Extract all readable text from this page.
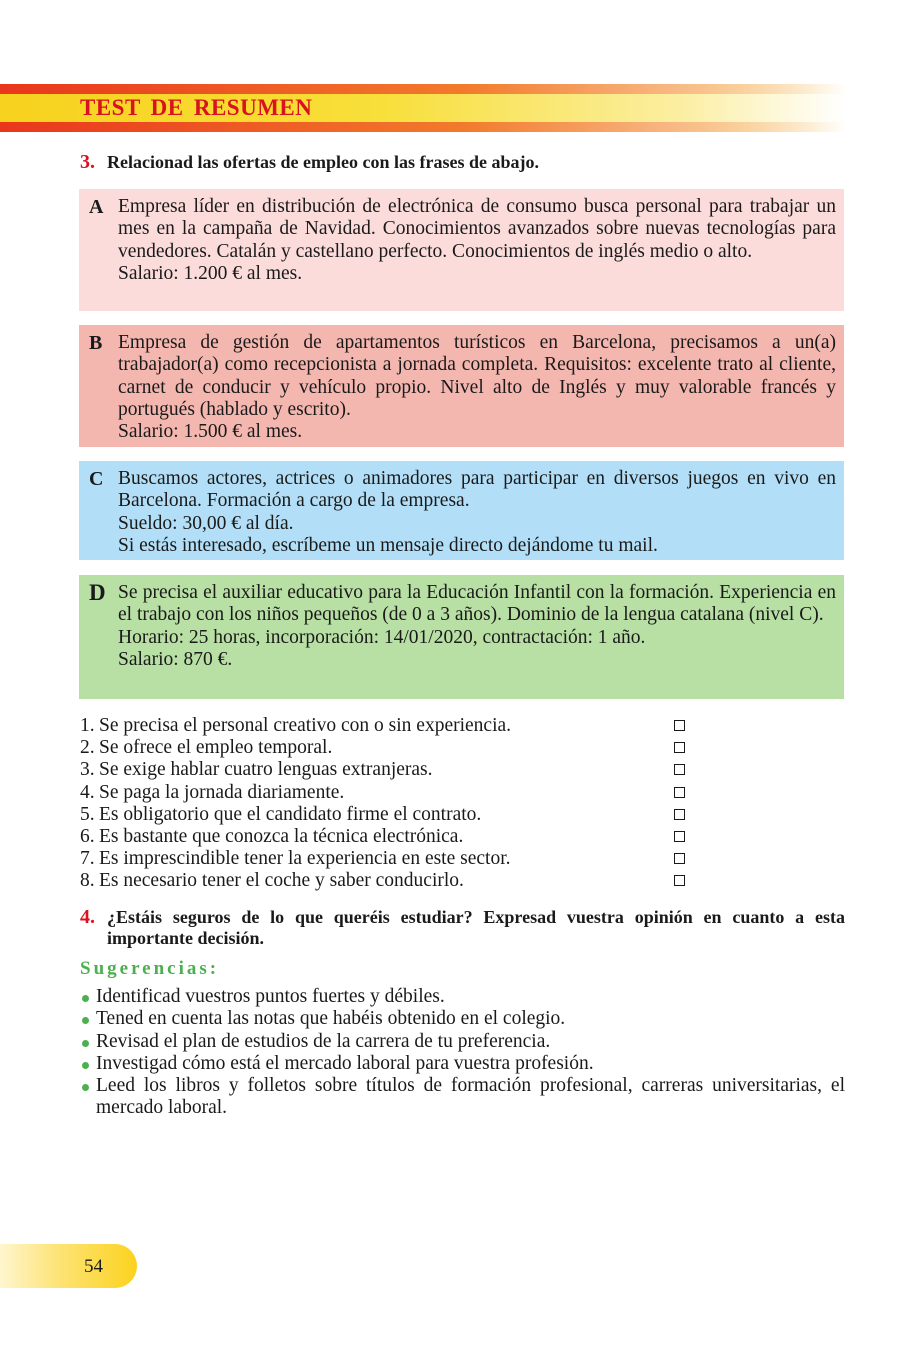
TEST DE RESUMEN
3. Relacionad las ofertas de empleo con las frases de abajo.
A Empresa líder en distribución de electrónica de consumo busca personal para trabajar un mes en la campaña de Navidad. Conocimientos avanzados sobre nuevas tecnologías para vendedores. Catalán y castellano perfecto. Conocimientos de inglés medio o alto.
Salario: 1.200 € al mes.
B Empresa de gestión de apartamentos turísticos en Barcelona, precisamos a un(a) trabajador(a) como recepcionista a jornada completa. Requisitos: excelente trato al cliente, carnet de conducir y vehículo propio. Nivel alto de Inglés y muy valorable francés y portugués (hablado y escrito).
Salario: 1.500 € al mes.
C Buscamos actores, actrices o animadores para participar en diversos juegos en vivo en Barcelona. Formación a cargo de la empresa.
Sueldo: 30,00 € al día.
Si estás interesado, escríbeme un mensaje directo dejándome tu mail.
D Se precisa el auxiliar educativo para la Educación Infantil con la formación. Experiencia en el trabajo con los niños pequeños (de 0 a 3 años). Dominio de la lengua catalana (nivel C).
Horario: 25 horas, incorporación: 14/01/2020, contractación: 1 año.
Salario: 870 €.
1. Se precisa el personal creativo con o sin experiencia.
2. Se ofrece el empleo temporal.
3. Se exige hablar cuatro lenguas extranjeras.
4. Se paga la jornada diariamente.
5. Es obligatorio que el candidato firme el contrato.
6. Es bastante que conozca la técnica electrónica.
7. Es imprescindible tener la experiencia en este sector.
8. Es necesario tener el coche y saber conducirlo.
4. ¿Estáis seguros de lo que queréis estudiar? Expresad vuestra opinión en cuanto a esta importante decisión.
Sugerencias:
Identificad vuestros puntos fuertes y débiles.
Tened en cuenta las notas que habéis obtenido en el colegio.
Revisad el plan de estudios de la carrera de tu preferencia.
Investigad cómo está el mercado laboral para vuestra profesión.
Leed los libros y folletos sobre títulos de formación profesional, carreras universitarias, el mercado laboral.
54
